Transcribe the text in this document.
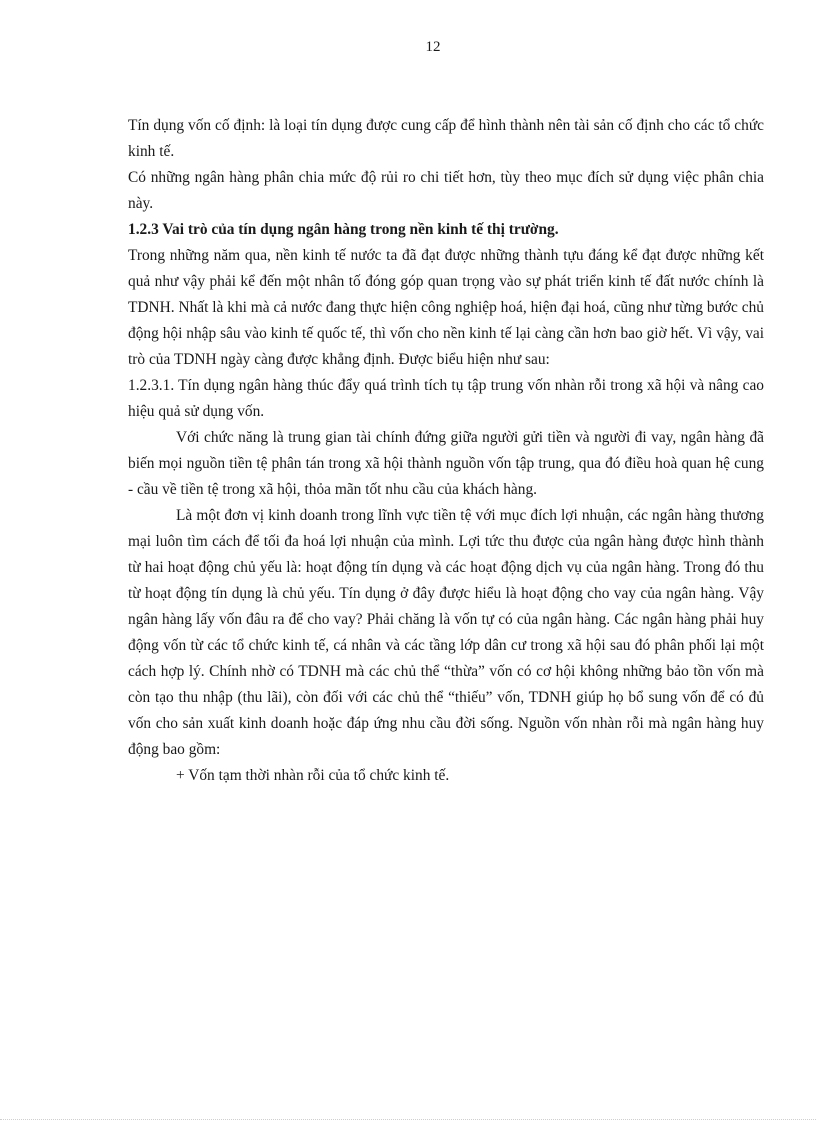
12

Tín dụng vốn cố định: là loại tín dụng được cung cấp để hình thành nên tài sản cố định cho các tổ chức kinh tế.

Có những ngân hàng phân chia mức độ rủi ro chi tiết hơn, tùy theo mục đích sử dụng việc phân chia này.

1.2.3 Vai trò của tín dụng ngân hàng trong nền kinh tế thị trường.

Trong những năm qua, nền kinh tế nước ta đã đạt được những thành tựu đáng kể đạt được những kết quả như vậy phải kể đến một nhân tố đóng góp quan trọng vào sự phát triển kinh tế đất nước chính là TDNH. Nhất là khi mà cả nước đang thực hiện công nghiệp hoá, hiện đại hoá, cũng như từng bước chủ động hội nhập sâu vào kinh tế quốc tế, thì vốn cho nền kinh tế lại càng cần hơn bao giờ hết. Vì vậy, vai trò của TDNH ngày càng được khẳng định. Được biểu hiện như sau:

1.2.3.1. Tín dụng ngân hàng thúc đẩy quá trình tích tụ tập trung vốn nhàn rỗi trong xã hội và nâng cao hiệu quả sử dụng vốn.

Với chức năng là trung gian tài chính đứng giữa người gửi tiền và người đi vay, ngân hàng đã biến mọi nguồn tiền tệ phân tán trong xã hội thành nguồn vốn tập trung, qua đó điều hoà quan hệ cung - cầu về tiền tệ trong xã hội, thỏa mãn tốt nhu cầu của khách hàng.

Là một đơn vị kinh doanh trong lĩnh vực tiền tệ với mục đích lợi nhuận, các ngân hàng thương mại luôn tìm cách để tối đa hoá lợi nhuận của mình. Lợi tức thu được của ngân hàng được hình thành từ hai hoạt động chủ yếu là: hoạt động tín dụng và các hoạt động dịch vụ của ngân hàng. Trong đó thu từ hoạt động tín dụng là chủ yếu. Tín dụng ở đây được hiểu là hoạt động cho vay của ngân hàng. Vậy ngân hàng lấy vốn đâu ra để cho vay? Phải chăng là vốn tự có của ngân hàng. Các ngân hàng phải huy động vốn từ các tổ chức kinh tế, cá nhân và các tầng lớp dân cư trong xã hội sau đó phân phối lại một cách hợp lý. Chính nhờ có TDNH mà các chủ thể “thừa” vốn có cơ hội không những bảo tồn vốn mà còn tạo thu nhập (thu lãi), còn đối với các chủ thể “thiếu” vốn, TDNH giúp họ bổ sung vốn để có đủ vốn cho sản xuất kinh doanh hoặc đáp ứng nhu cầu đời sống. Nguồn vốn nhàn rỗi mà ngân hàng huy động bao gồm:

+ Vốn tạm thời nhàn rỗi của tổ chức kinh tế.
